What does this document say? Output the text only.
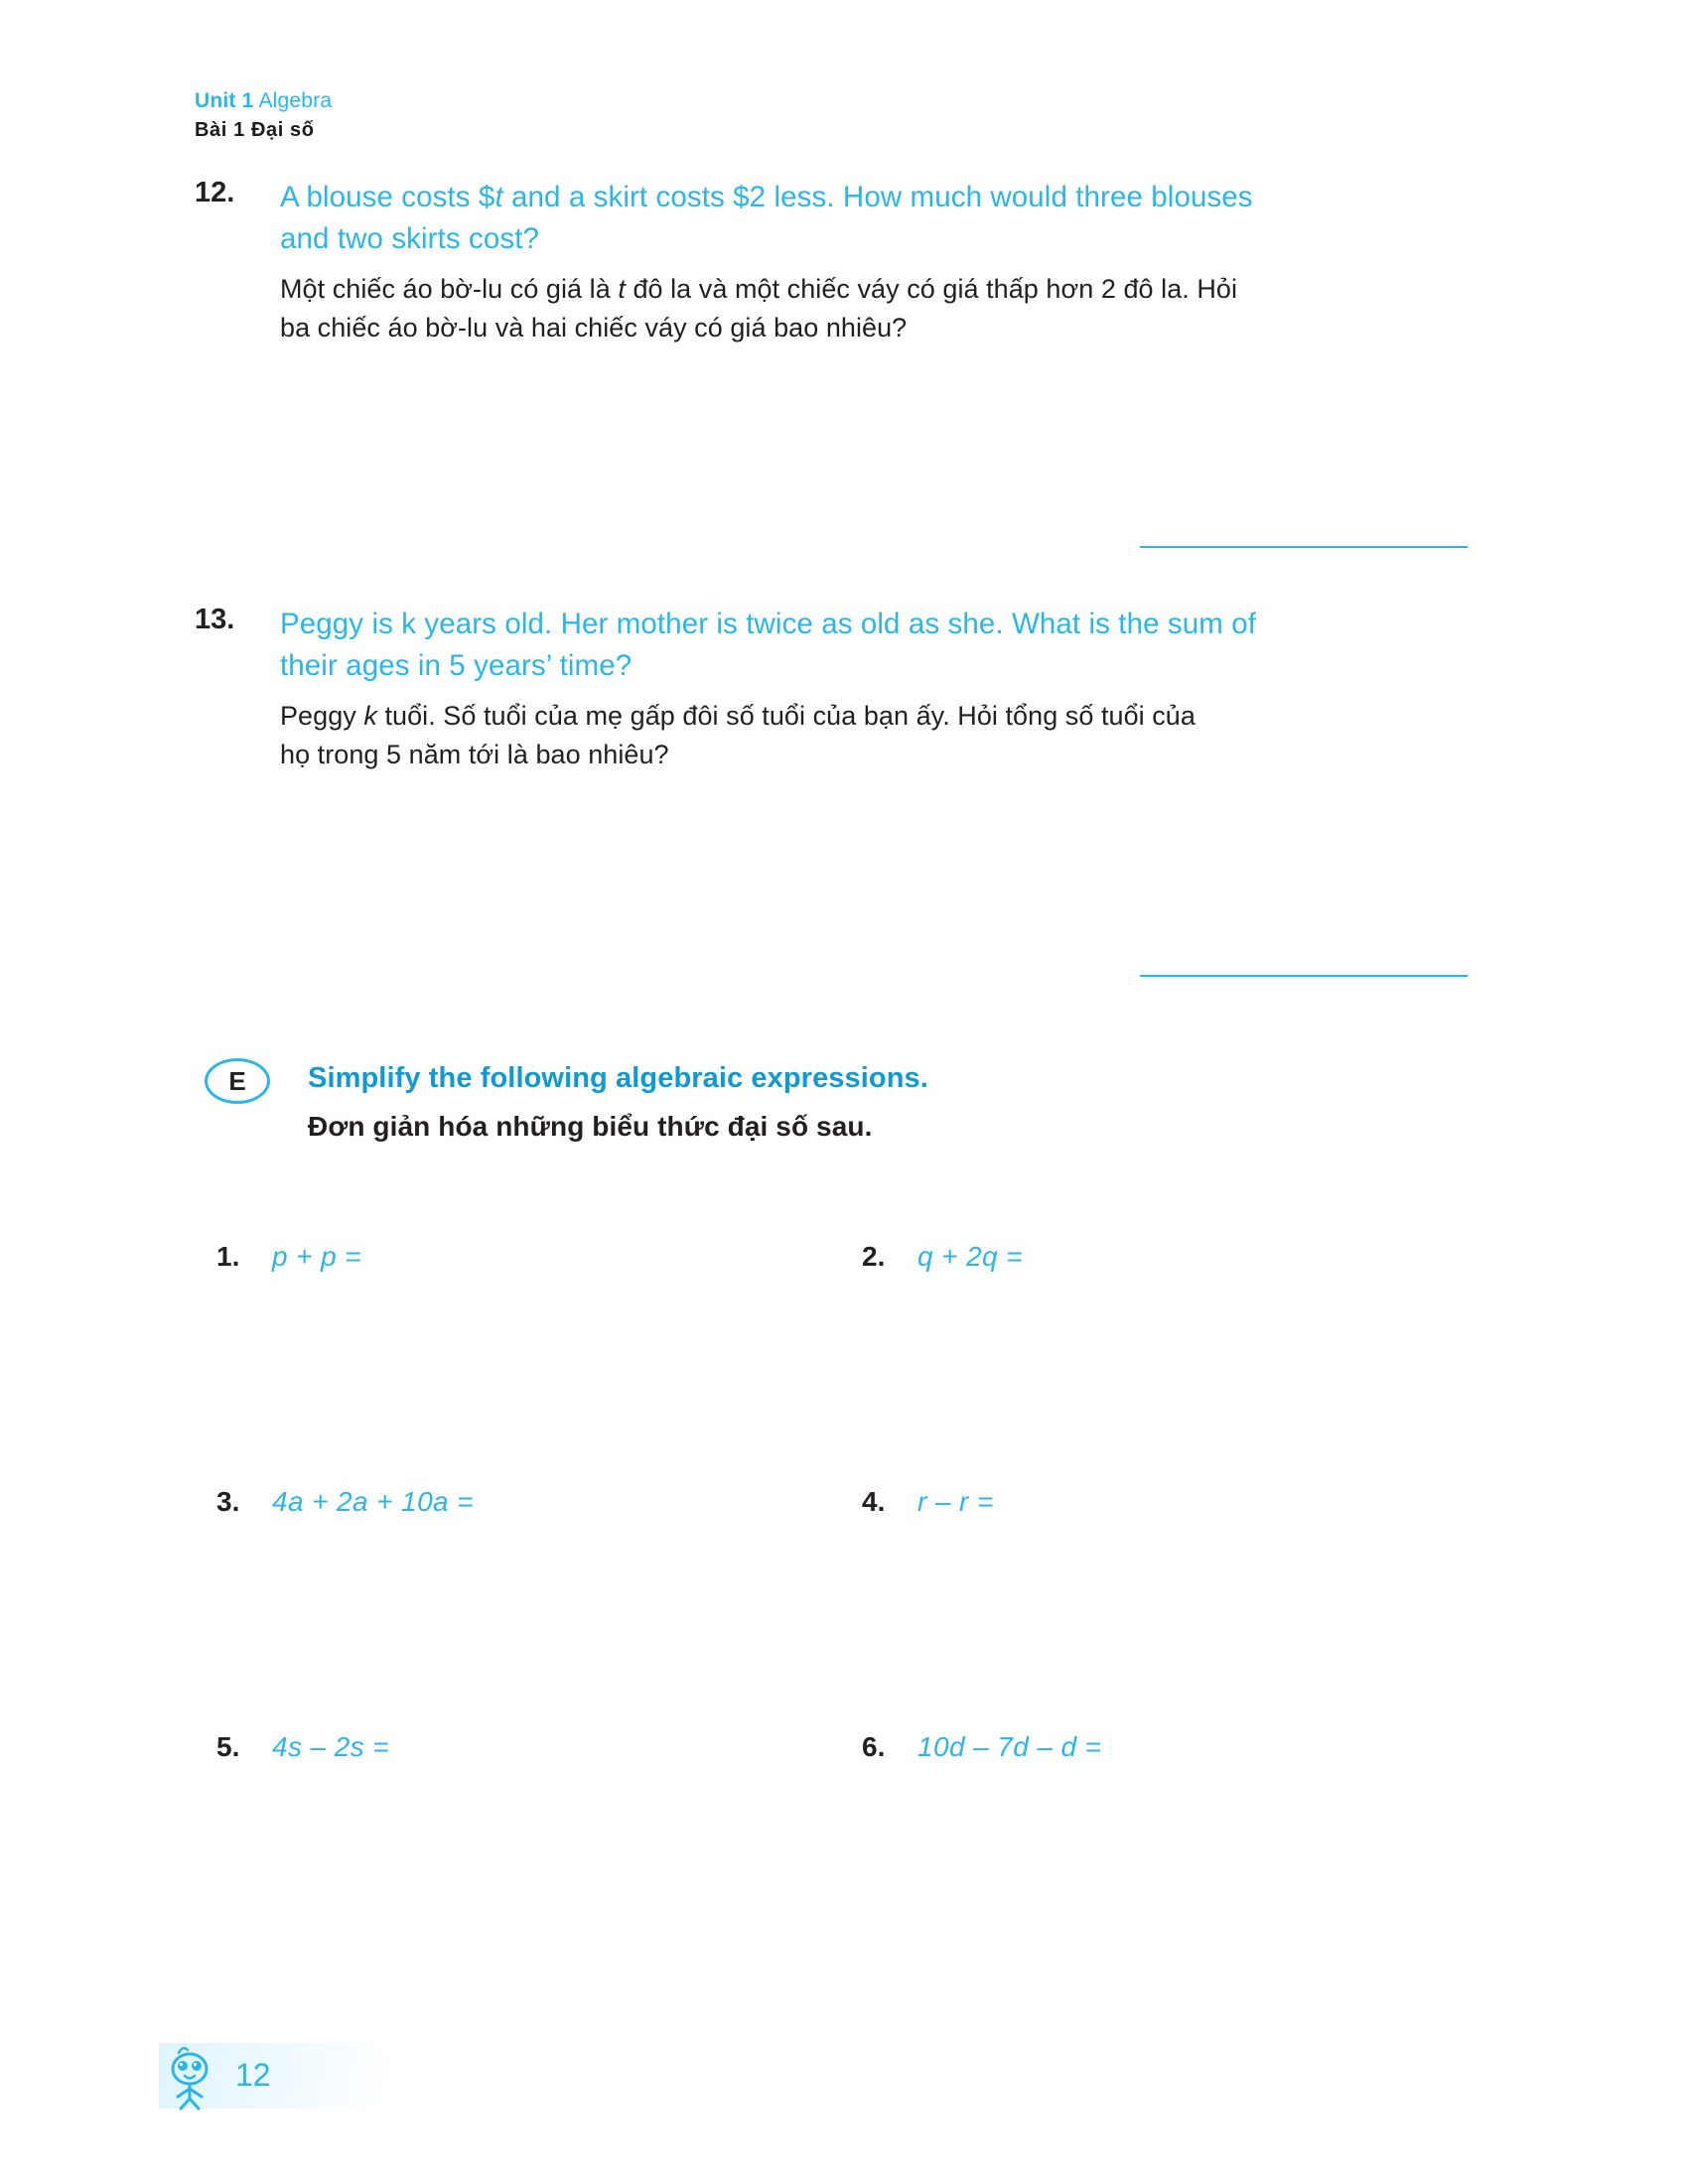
Unit 1 Algebra
Bài 1 Đại số
12.	A blouse costs $t and a skirt costs $2 less. How much would three blouses
and two skirts cost?
Một chiếc áo bờ-lu có giá là t đô la và một chiếc váy có giá thấp hơn 2 đô la. Hỏi
ba chiếc áo bờ-lu và hai chiếc váy có giá bao nhiêu?
13.	Peggy is k years old. Her mother is twice as old as she. What is the sum of
their ages in 5 years’ time?
Peggy k tuổi. Số tuổi của mẹ gấp đôi số tuổi của bạn ấy. Hỏi tổng số tuổi của
họ trong 5 năm tới là bao nhiêu?
E	Simplify the following algebraic expressions.
Đơn giản hóa những biểu thức đại số sau.
1. p + p =	2. q + 2q =
3. 4a + 2a + 10a =	4. r – r =
5. 4s – 2s =	6. 10d – 7d – d =
12
